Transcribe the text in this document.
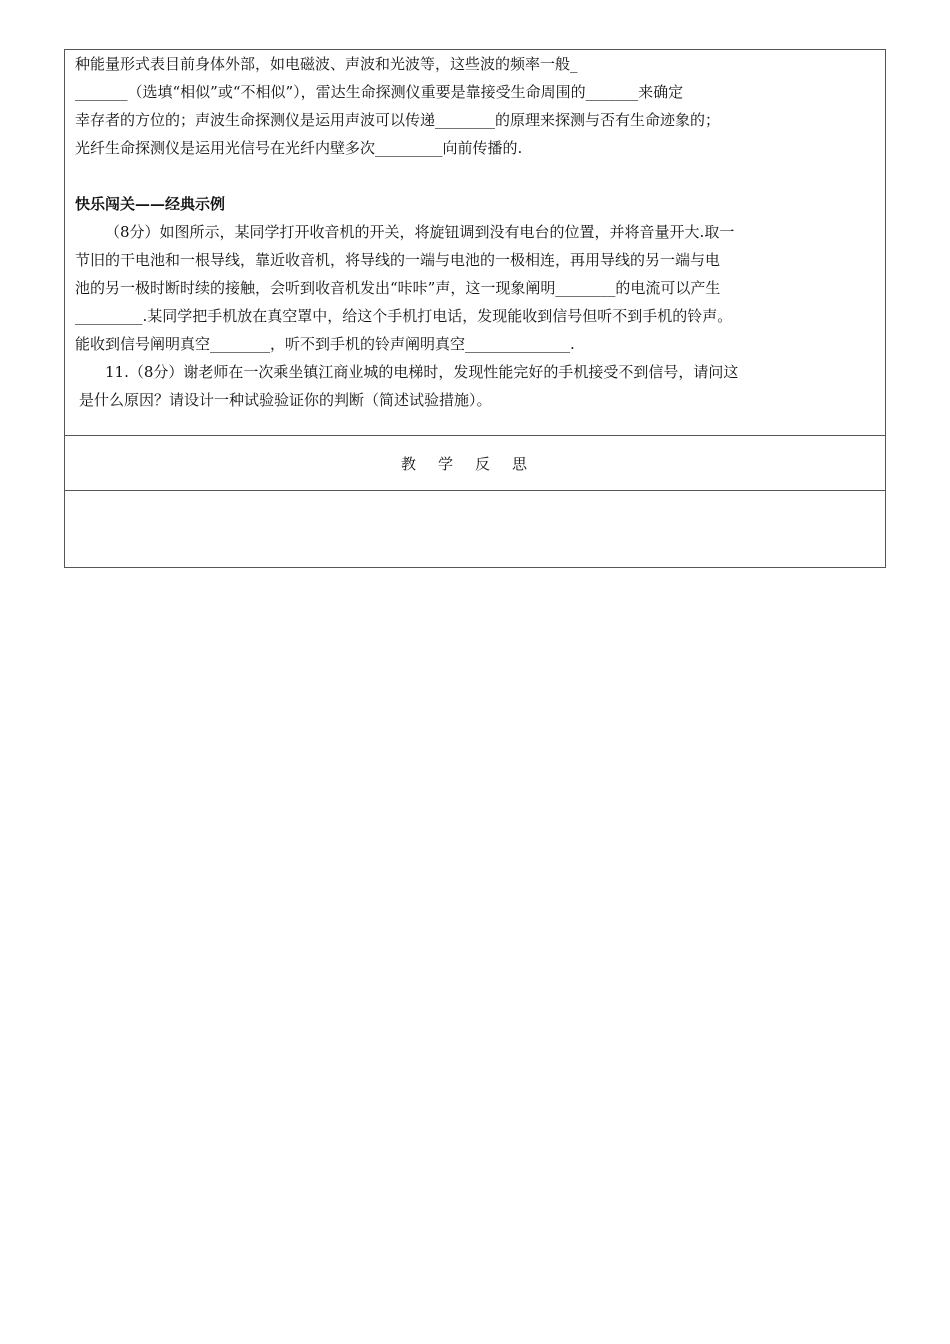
种能量形式表目前身体外部，如电磁波、声波和光波等，这些波的频率一般_
_______（选填“相似”或“不相似”），雷达生命探测仪重要是靠接受生命周围的_______来确定
幸存者的方位的；声波生命探测仪是运用声波可以传递________的原理来探测与否有生命迹象的；
光纤生命探测仪是运用光信号在光纤内壁多次_________向前传播的.

快乐闯关——经典示例

（8分）如图所示，某同学打开收音机的开关，将旋钮调到没有电台的位置，并将音量开大.取一
节旧的干电池和一根导线，靠近收音机，将导线的一端与电池的一极相连，再用导线的另一端与电
池的另一极时断时续的接触，会听到收音机发出“咔咔”声，这一现象阐明________的电流可以产生
_________.某同学把手机放在真空罩中，给这个手机打电话，发现能收到信号但听不到手机的铃声。
能收到信号阐明真空________，听不到手机的铃声阐明真空______________.

11.（8分）谢老师在一次乘坐镇江商业城的电梯时，发现性能完好的手机接受不到信号，请问这
是什么原因？请设计一种试验验证你的判断（简述试验措施）。

教学反思
